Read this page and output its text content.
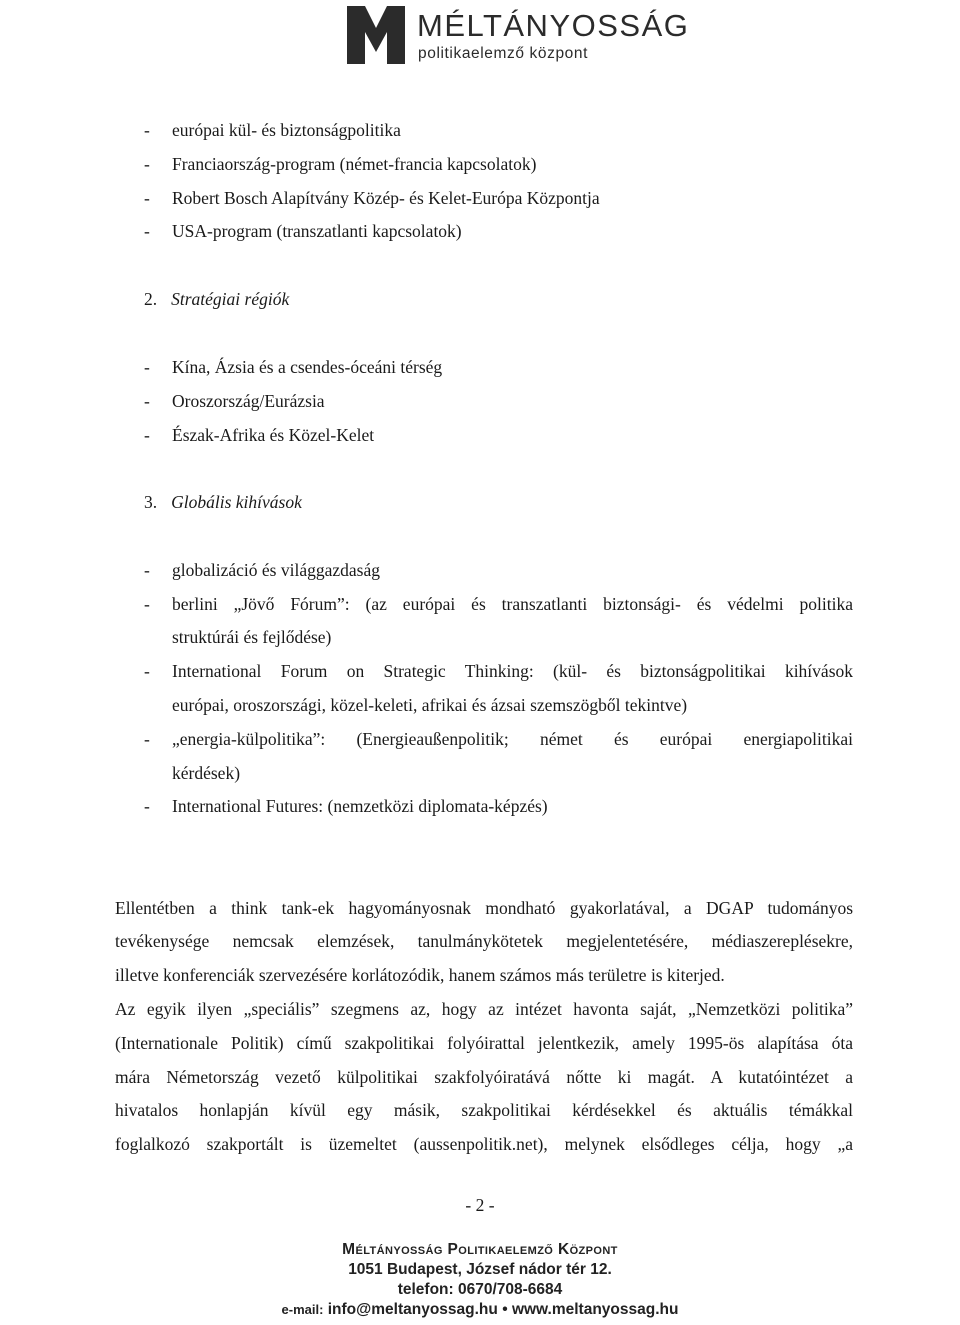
MÉLTÁNYOSSÁG
politikaelemző központ
- európai kül- és biztonságpolitika
- Franciaország-program (német-francia kapcsolatok)
- Robert Bosch Alapítvány Közép- és Kelet-Európa Központja
- USA-program (transzatlanti kapcsolatok)
2. Stratégiai régiók
- Kína, Ázsia és a csendes-óceáni térség
- Oroszország/Eurázsia
- Észak-Afrika és Közel-Kelet
3. Globális kihívások
- globalizáció és világgazdaság
- berlini „Jövő Fórum”: (az európai és transzatlanti biztonsági- és védelmi politika
struktúrái és fejlődése)
- International Forum on Strategic Thinking: (kül- és biztonságpolitikai kihívások
európai, oroszországi, közel-keleti, afrikai és ázsai szemszögből tekintve)
- „energia-külpolitika”: (Energieaußenpolitik; német és európai energiapolitikai
kérdések)
- International Futures: (nemzetközi diplomata-képzés)
Ellentétben a think tank-ek hagyományosnak mondható gyakorlatával, a DGAP tudományos
tevékenysége nemcsak elemzések, tanulmánykötetek megjelentetésére, médiaszereplésekre,
illetve konferenciák szervezésére korlátozódik, hanem számos más területre is kiterjed.
Az egyik ilyen „speciális” szegmens az, hogy az intézet havonta saját, „Nemzetközi politika”
(Internationale Politik) című szakpolitikai folyóirattal jelentkezik, amely 1995-ös alapítása óta
mára Németország vezető külpolitikai szakfolyóiratává nőtte ki magát. A kutatóintézet a
hivatalos honlapján kívül egy másik, szakpolitikai kérdésekkel és aktuális témákkal
foglalkozó szakportált is üzemeltet (aussenpolitik.net), melynek elsődleges célja, hogy „a
- 2 -
Méltányosság Politikaelemző Központ
1051 Budapest, József nádor tér 12.
telefon: 0670/708-6684
e-mail: info@meltanyossag.hu • www.meltanyossag.hu
